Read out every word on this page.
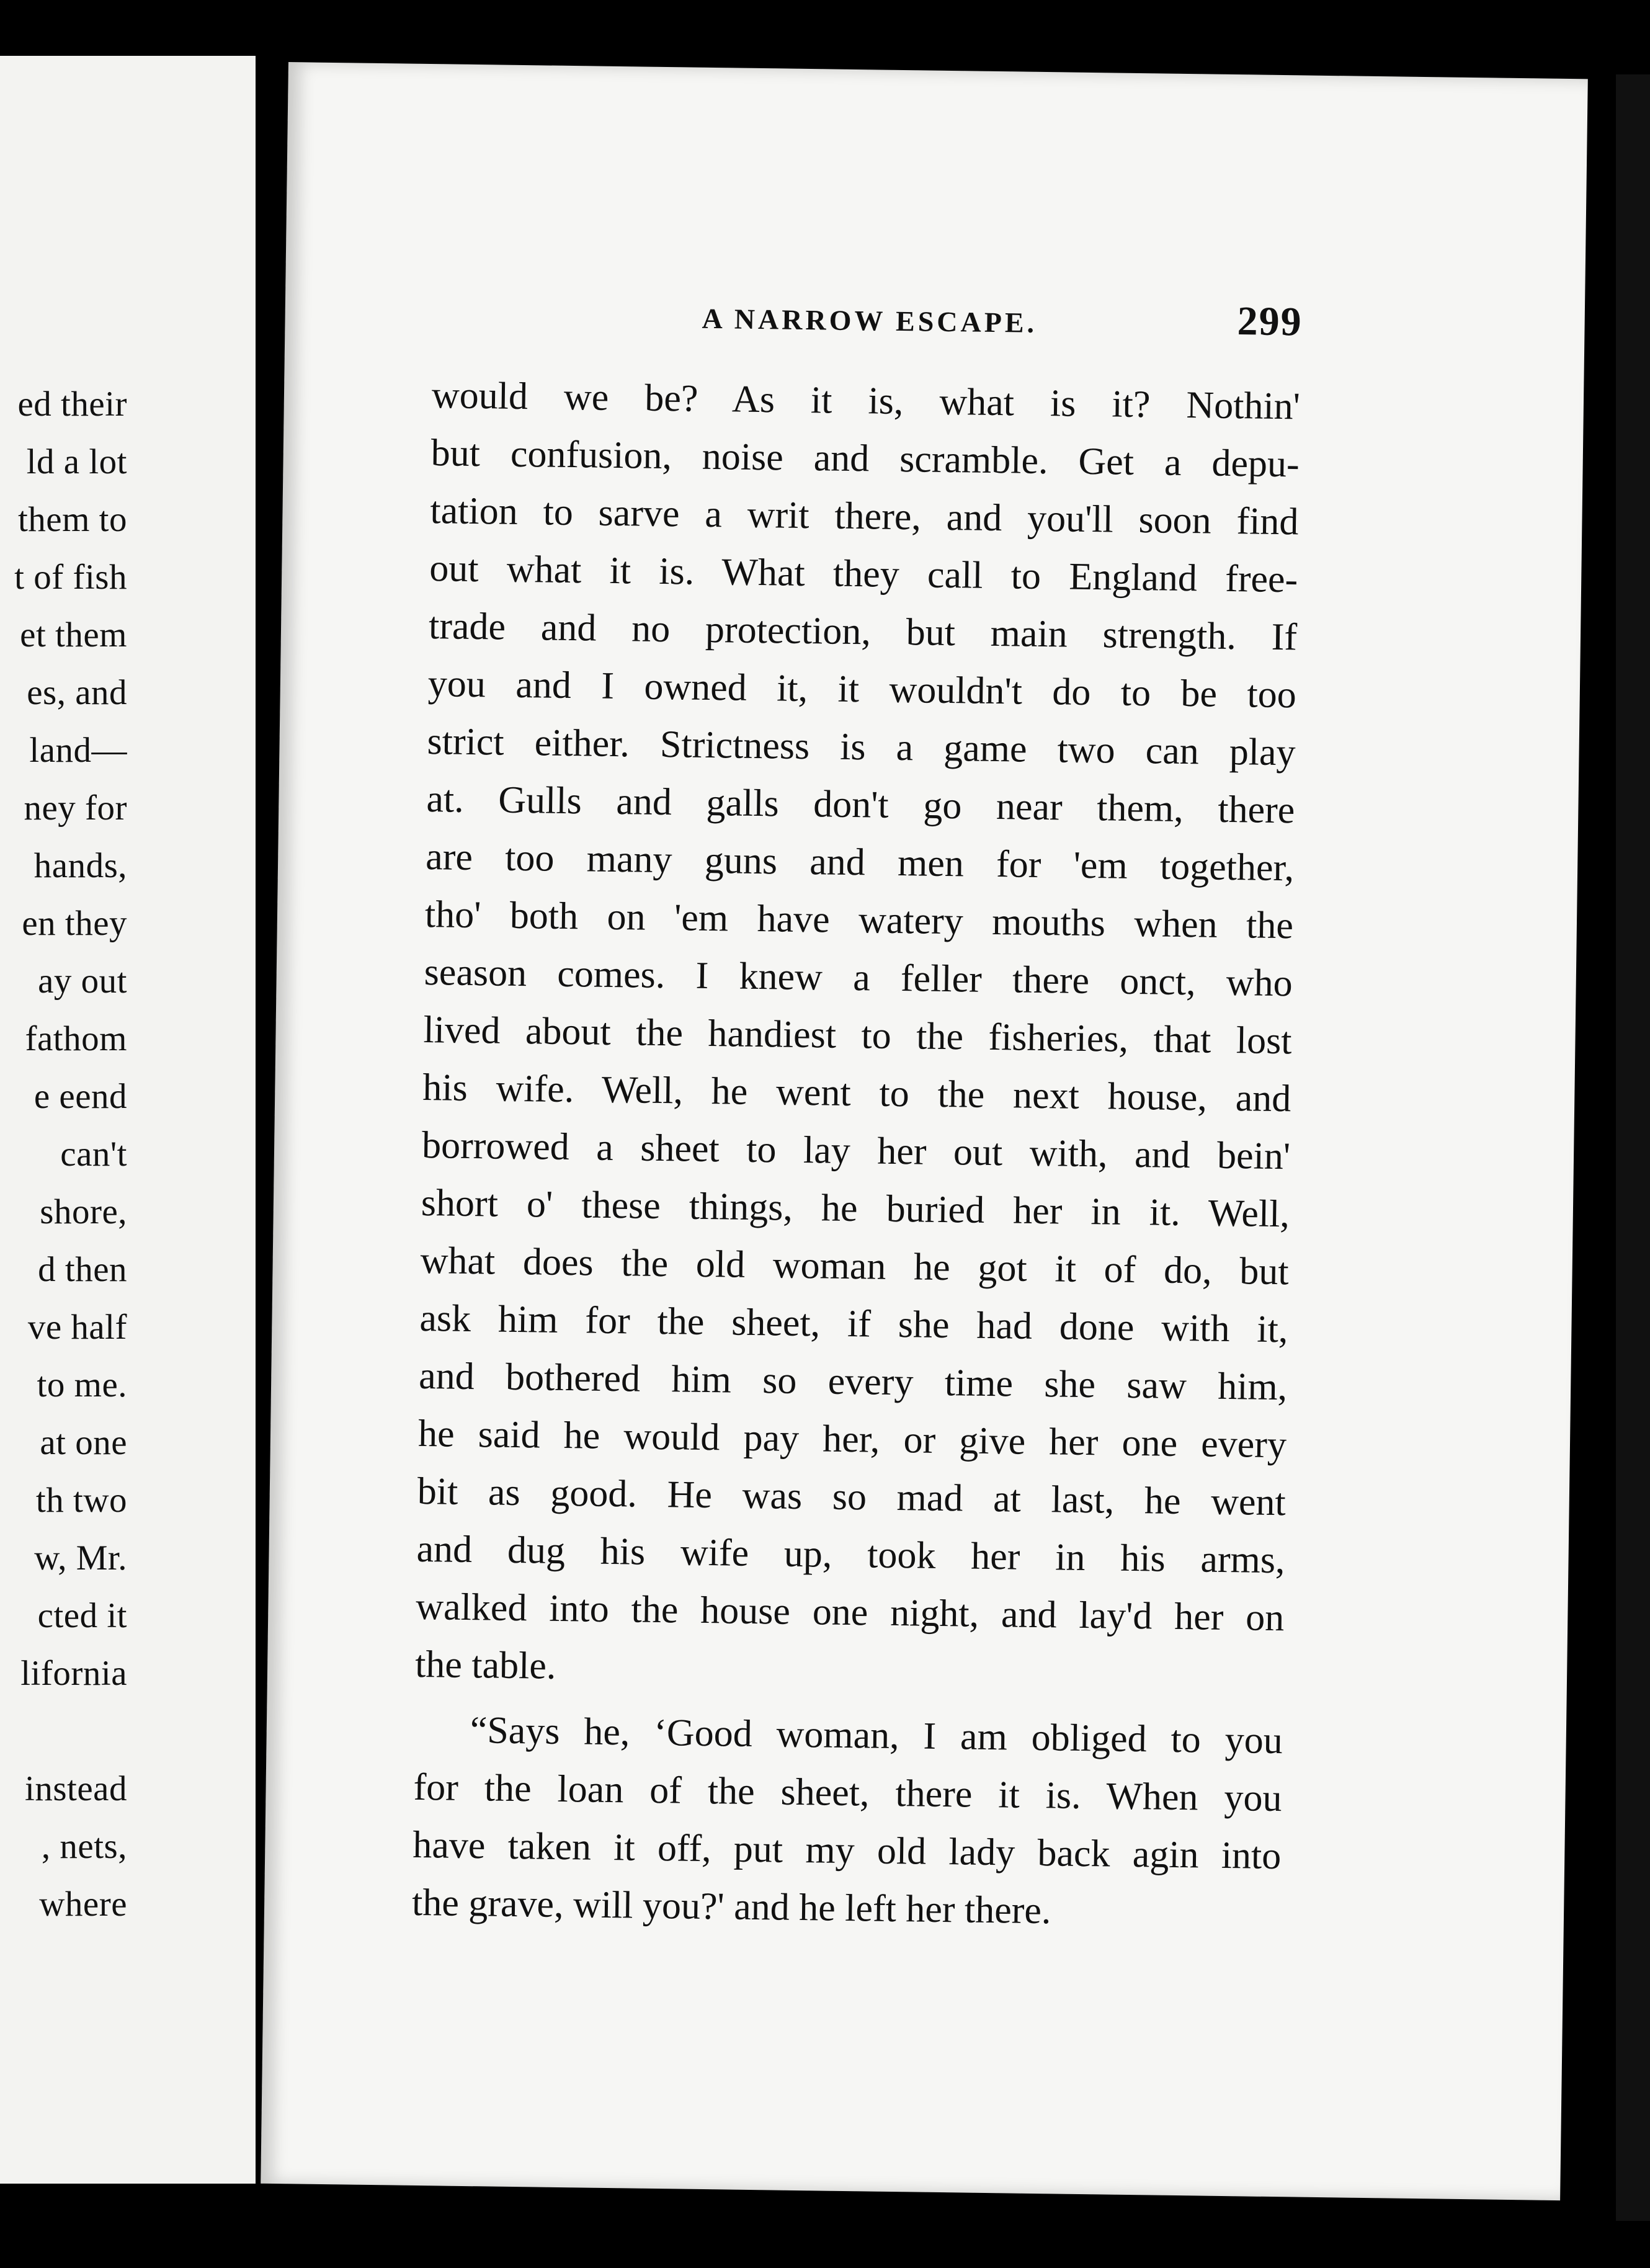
ed their
ld a lot
them to
t of fish
et them
es, and
land—
ney for
hands,
en they
ay out
fathom
e eend
can't
shore,
d then
ve half
to me.
at one
th two
w, Mr.
cted it
lifornia

instead
, nets,
where
A NARROW ESCAPE.	299
would we be? As it is, what is it? Nothin'
but confusion, noise and scramble. Get a depu-
tation to sarve a writ there, and you'll soon find
out what it is. What they call to England free-
trade and no protection, but main strength. If
you and I owned it, it wouldn't do to be too
strict either. Strictness is a game two can play
at. Gulls and galls don't go near them, there
are too many guns and men for 'em together,
tho' both on 'em have watery mouths when the
season comes. I knew a feller there onct, who
lived about the handiest to the fisheries, that lost
his wife. Well, he went to the next house, and
borrowed a sheet to lay her out with, and bein'
short o' these things, he buried her in it. Well,
what does the old woman he got it of do, but
ask him for the sheet, if she had done with it,
and bothered him so every time she saw him,
he said he would pay her, or give her one every
bit as good. He was so mad at last, he went
and dug his wife up, took her in his arms,
walked into the house one night, and lay'd her on
the table.
“Says he, ‘Good woman, I am obliged to you
for the loan of the sheet, there it is. When you
have taken it off, put my old lady back agin into
the grave, will you?' and he left her there.
